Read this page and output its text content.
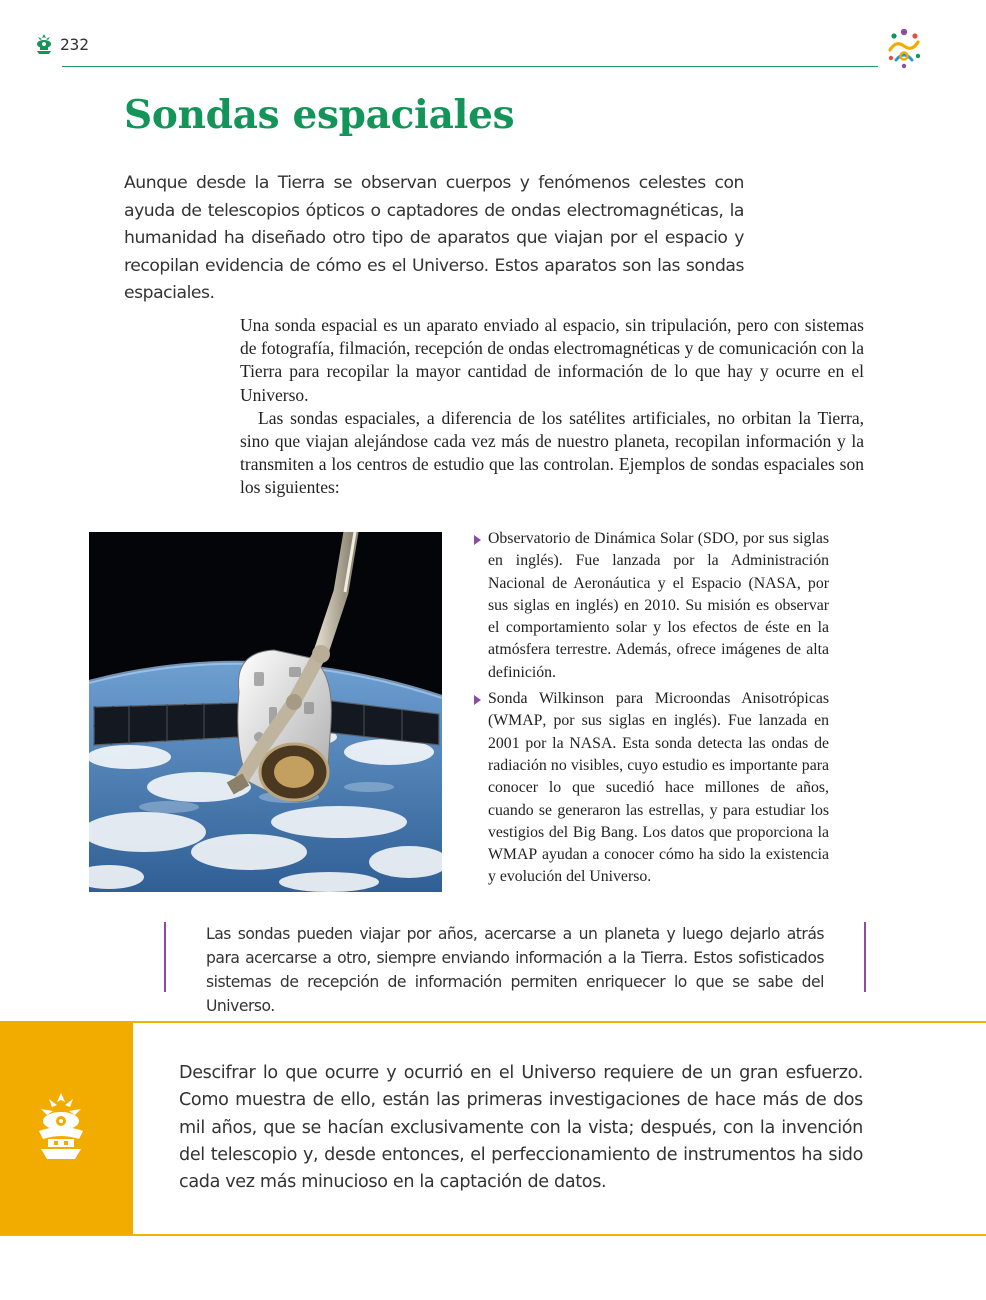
232
Sondas espaciales

Aunque desde la Tierra se observan cuerpos y fenómenos celestes con ayuda de telescopios ópticos o captadores de ondas electromagnéticas, la humanidad ha diseñado otro tipo de aparatos que viajan por el espacio y recopilan evidencia de cómo es el Universo. Estos aparatos son las sondas espaciales.

Una sonda espacial es un aparato enviado al espacio, sin tripulación, pero con sistemas de fotografía, filmación, recepción de ondas electromagnéticas y de comunicación con la Tierra para recopilar la mayor cantidad de información de lo que hay y ocurre en el Universo.

Las sondas espaciales, a diferencia de los satélites artificiales, no orbitan la Tierra, sino que viajan alejándose cada vez más de nuestro planeta, recopilan información y la transmiten a los centros de estudio que las controlan. Ejemplos de sondas espaciales son los siguientes:

Observatorio de Dinámica Solar (SDO, por sus siglas en inglés). Fue lanzada por la Administración Nacional de Aeronáutica y el Espacio (NASA, por sus siglas en inglés) en 2010. Su misión es observar el comportamiento solar y los efectos de éste en la atmósfera terrestre. Además, ofrece imágenes de alta definición.
Sonda Wilkinson para Microondas Anisotrópicas (WMAP, por sus siglas en inglés). Fue lanzada en 2001 por la NASA. Esta sonda detecta las ondas de radiación no visibles, cuyo estudio es importante para conocer lo que sucedió hace millones de años, cuando se generaron las estrellas, y para estudiar los vestigios del Big Bang. Los datos que proporciona la WMAP ayudan a conocer cómo ha sido la existencia y evolución del Universo.

Las sondas pueden viajar por años, acercarse a un planeta y luego dejarlo atrás para acercarse a otro, siempre enviando información a la Tierra. Estos sofisticados sistemas de recepción de información permiten enriquecer lo que se sabe del Universo.

Descifrar lo que ocurre y ocurrió en el Universo requiere de un gran esfuerzo. Como muestra de ello, están las primeras investigaciones de hace más de dos mil años, que se hacían exclusivamente con la vista; después, con la invención del telescopio y, desde entonces, el perfeccionamiento de instrumentos ha sido cada vez más minucioso en la captación de datos.
